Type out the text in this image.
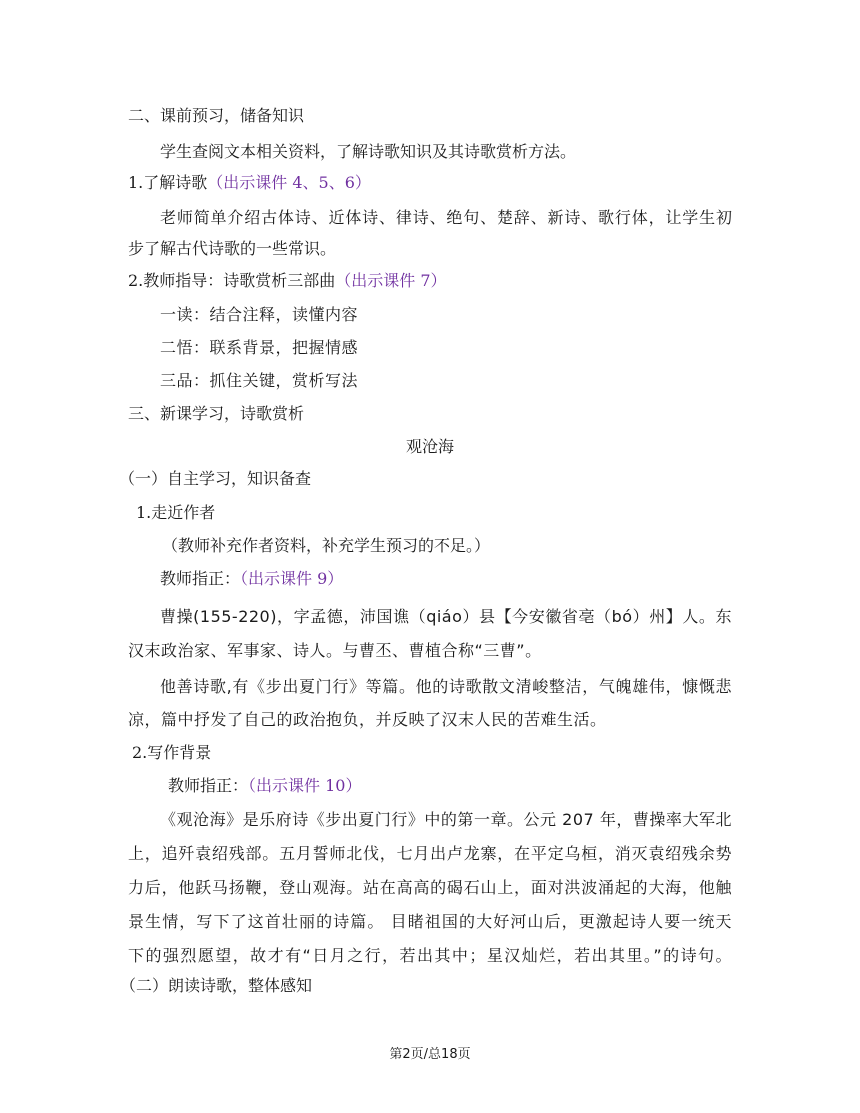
二、课前预习，储备知识
学生查阅文本相关资料，了解诗歌知识及其诗歌赏析方法。
1.了解诗歌（出示课件 4、5、6）
老师简单介绍古体诗、近体诗、律诗、绝句、楚辞、新诗、歌行体，让学生初
步了解古代诗歌的一些常识。
2.教师指导：诗歌赏析三部曲（出示课件 7）
一读：结合注释，读懂内容
二悟：联系背景，把握情感
三品：抓住关键，赏析写法
三、新课学习，诗歌赏析
观沧海
（一）自主学习，知识备查
1.走近作者
（教师补充作者资料，补充学生预习的不足。）
教师指正：（出示课件 9）
曹操(155-220)，字孟德，沛国谯（qiáo）县【今安徽省亳（bó）州】人。东
汉末政治家、军事家、诗人。与曹丕、曹植合称“三曹”。
他善诗歌,有《步出夏门行》等篇。他的诗歌散文清峻整洁，气魄雄伟，慷慨悲
凉，篇中抒发了自己的政治抱负，并反映了汉末人民的苦难生活。
2.写作背景
教师指正：（出示课件 10）
《观沧海》是乐府诗《步出夏门行》中的第一章。公元 207 年，曹操率大军北
上，追歼袁绍残部。五月誓师北伐，七月出卢龙寨，在平定乌桓，消灭袁绍残余势
力后，他跃马扬鞭，登山观海。站在高高的碣石山上，面对洪波涌起的大海，他触
景生情，写下了这首壮丽的诗篇。 目睹祖国的大好河山后，更激起诗人要一统天
下的强烈愿望，故才有“日月之行，若出其中；星汉灿烂，若出其里。”的诗句。
（二）朗读诗歌，整体感知
第2页/总18页
